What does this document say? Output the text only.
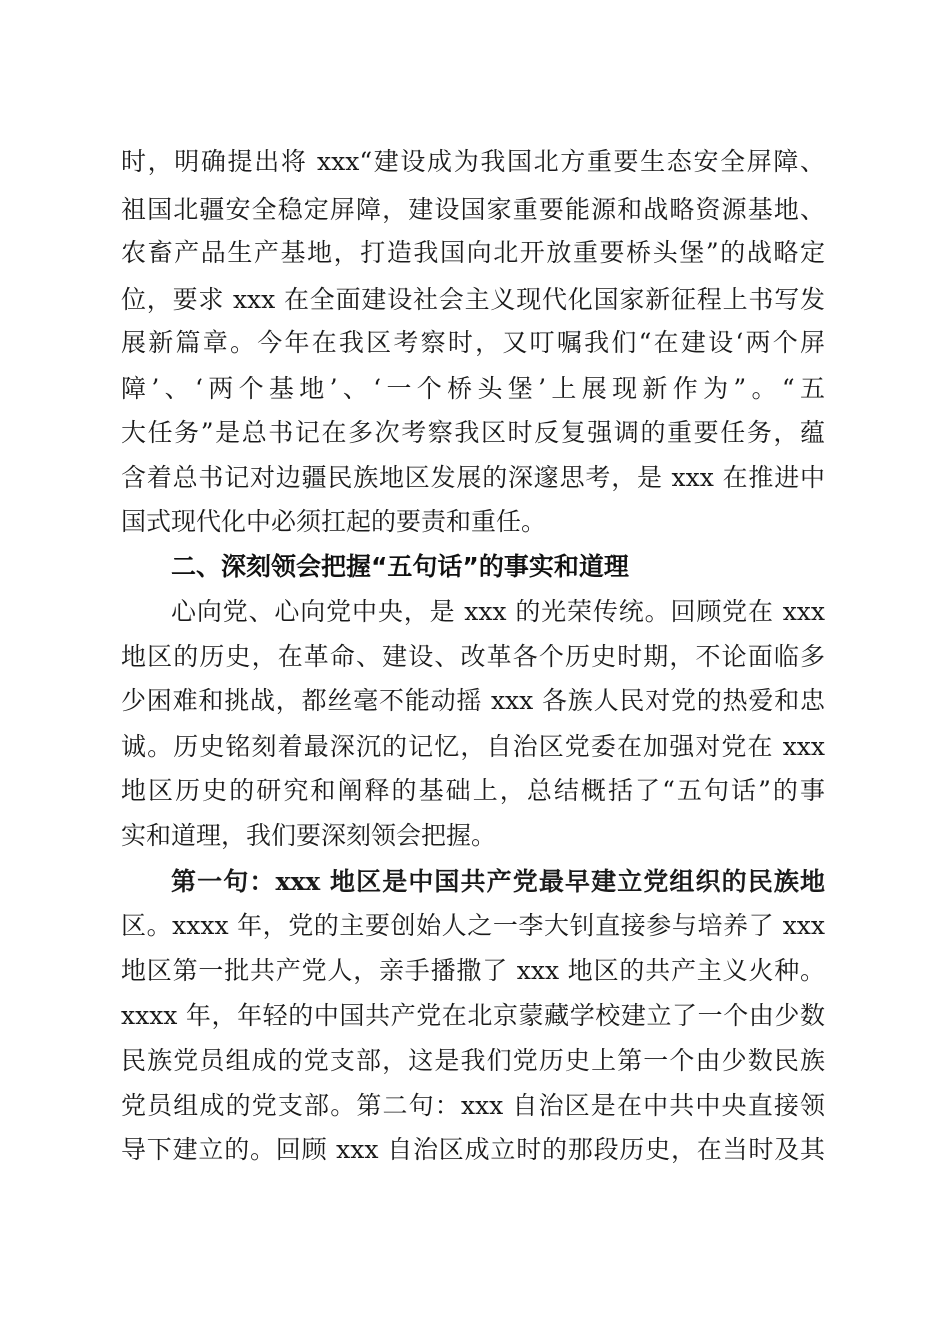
时，明确提出将 xxx“建设成为我国北方重要生态安全屏障、
祖国北疆安全稳定屏障，建设国家重要能源和战略资源基地、
农畜产品生产基地，打造我国向北开放重要桥头堡”的战略定
位，要求 xxx 在全面建设社会主义现代化国家新征程上书写发
展新篇章。今年在我区考察时，又叮嘱我们“在建设‘两个屏
障’、‘两个基地’、‘一个桥头堡’上展现新作为”。“五
大任务”是总书记在多次考察我区时反复强调的重要任务，蕴
含着总书记对边疆民族地区发展的深邃思考，是 xxx 在推进中
国式现代化中必须扛起的要责和重任。
二、深刻领会把握“五句话”的事实和道理
心向党、心向党中央，是 xxx 的光荣传统。回顾党在 xxx
地区的历史，在革命、建设、改革各个历史时期，不论面临多
少困难和挑战，都丝毫不能动摇 xxx 各族人民对党的热爱和忠
诚。历史铭刻着最深沉的记忆，自治区党委在加强对党在 xxx
地区历史的研究和阐释的基础上，总结概括了“五句话”的事
实和道理，我们要深刻领会把握。
第一句：xxx 地区是中国共产党最早建立党组织的民族地
区。xxxx 年，党的主要创始人之一李大钊直接参与培养了 xxx
地区第一批共产党人，亲手播撒了 xxx 地区的共产主义火种。
xxxx 年，年轻的中国共产党在北京蒙藏学校建立了一个由少数
民族党员组成的党支部，这是我们党历史上第一个由少数民族
党员组成的党支部。第二句：xxx 自治区是在中共中央直接领
导下建立的。回顾 xxx 自治区成立时的那段历史，在当时及其
